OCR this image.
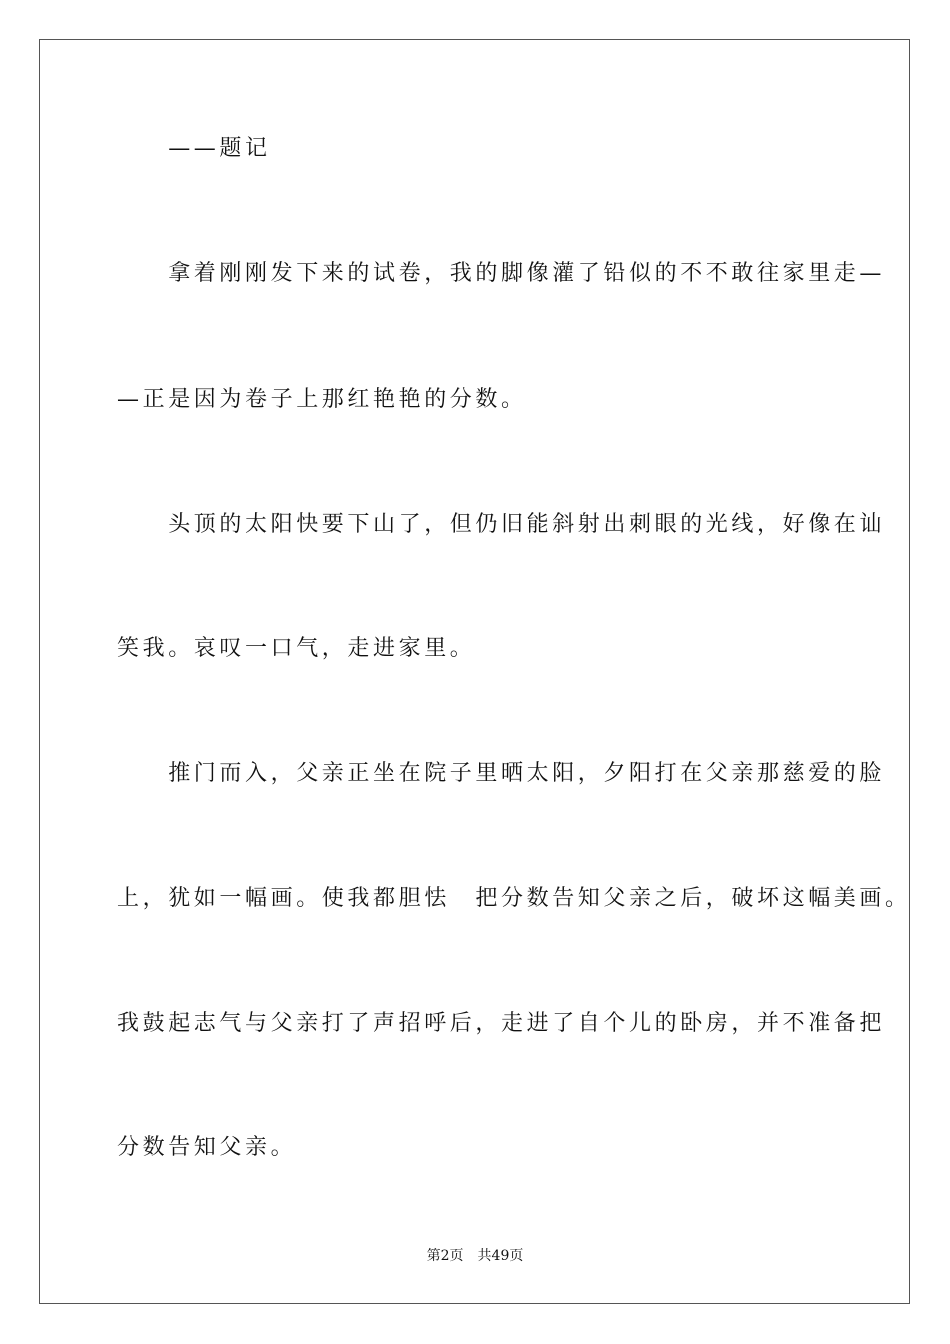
　　——题记
　　拿着刚刚发下来的试卷，我的脚像灌了铅似的不不敢往家里走—
—正是因为卷子上那红艳艳的分数。
　　头顶的太阳快要下山了，但仍旧能斜射出刺眼的光线，好像在讪
笑我。哀叹一口气，走进家里。
　　推门而入，父亲正坐在院子里晒太阳，夕阳打在父亲那慈爱的脸
上，犹如一幅画。使我都胆怯　把分数告知父亲之后，破坏这幅美画。
我鼓起志气与父亲打了声招呼后，走进了自个儿的卧房，并不准备把
分数告知父亲。
第2页　共49页
